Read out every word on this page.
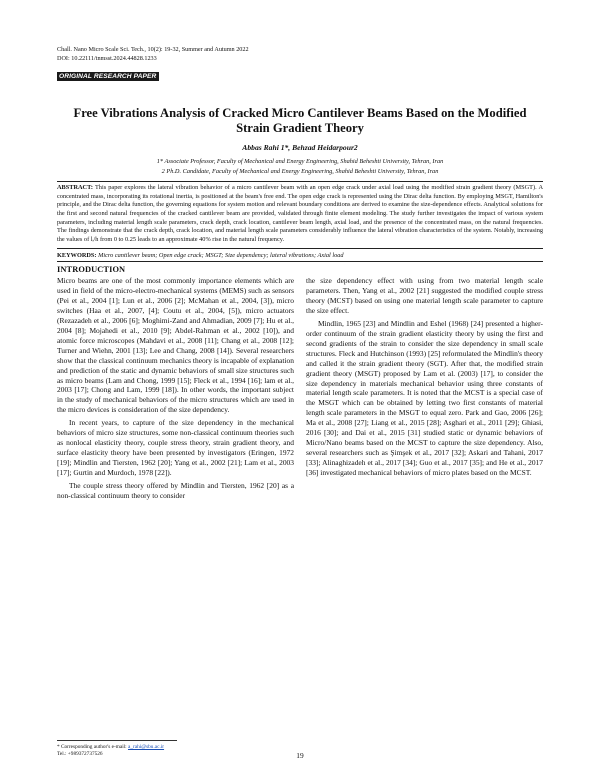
Chall. Nano Micro Scale Sci. Tech., 10(2): 19-32, Summer and Autumn 2022
DOI: 10.22111/tnmsst.2024.44828.1233
ORIGINAL RESEARCH PAPER
Free Vibrations Analysis of Cracked Micro Cantilever Beams Based on the Modified Strain Gradient Theory
Abbas Rahi 1*, Behzad Heidarpour2
1* Associate Professor, Faculty of Mechanical and Energy Engineering, Shahid Beheshti University, Tehran, Iran
2 Ph.D. Candidate, Faculty of Mechanical and Energy Engineering, Shahid Beheshti University, Tehran, Iran
ABSTRACT: This paper explores the lateral vibration behavior of a micro cantilever beam with an open edge crack under axial load using the modified strain gradient theory (MSGT). A concentrated mass, incorporating its rotational inertia, is positioned at the beam's free end. The open edge crack is represented using the Dirac delta function. By employing MSGT, Hamilton's principle, and the Dirac delta function, the governing equations for system motion and relevant boundary conditions are derived to examine the size-dependence effects. Analytical solutions for the first and second natural frequencies of the cracked cantilever beam are provided, validated through finite element modeling. The study further investigates the impact of various system parameters, including material length scale parameters, crack depth, crack location, cantilever beam length, axial load, and the presence of the concentrated mass, on the natural frequencies. The findings demonstrate that the crack depth, crack location, and material length scale parameters considerably influence the lateral vibration characteristics of the system. Notably, increasing the values of lᵢ/h from 0 to 0.25 leads to an approximate 40% rise in the natural frequency.
KEYWORDS: Micro cantilever beam; Open edge crack; MSGT; Size dependency; lateral vibrations; Axial load
INTRODUCTION

Micro beams are one of the most commonly importance elements which are used in field of the micro-electro-mechanical systems (MEMS) such as sensors (Pei et al., 2004 [1]; Lun et al., 2006 [2]; McMahan et al., 2004, [3]), micro switches (Haa et al., 2007, [4]; Coutu et al., 2004, [5]), micro actuators (Rezazadeh et al., 2006 [6]; Moghimi-Zand and Ahmadian, 2009 [7]; Hu et al., 2004 [8]; Mojahedi et al., 2010 [9]; Abdel-Rahman et al., 2002 [10]), and atomic force microscopes (Mahdavi et al., 2008 [11]; Chang et al., 2008 [12]; Turner and Wiehn, 2001 [13]; Lee and Chang, 2008 [14]). Several researchers show that the classical continuum mechanics theory is incapable of explanation and prediction of the static and dynamic behaviors of small size structures such as micro beams (Lam and Chong, 1999 [15]; Fleck et al., 1994 [16]; lam et al., 2003 [17]; Chong and Lam, 1999 [18]). In other words, the important subject in the study of mechanical behaviors of the micro structures which are used in the micro devices is consideration of the size dependency.

In recent years, to capture of the size dependency in the mechanical behaviors of micro size structures, some non-classical continuum theories such as nonlocal elasticity theory, couple stress theory, strain gradient theory, and surface elasticity theory have been presented by investigators (Eringen, 1972 [19]; Mindlin and Tiersten, 1962 [20]; Yang et al., 2002 [21]; Lam et al., 2003 [17]; Gurtin and Murdoch, 1978 [22]).

The couple stress theory offered by Mindlin and Tiersten, 1962 [20] as a non-classical continuum theory to consider

the size dependency effect with using from two material length scale parameters. Then, Yang et al., 2002 [21] suggested the modified couple stress theory (MCST) based on using one material length scale parameter to capture the size effect.

Mindlin, 1965 [23] and Mindlin and Eshel (1968) [24] presented a higher-order continuum of the strain gradient elasticity theory by using the first and second gradients of the strain to consider the size dependency in small scale structures. Fleck and Hutchinson (1993) [25] reformulated the Mindlin's theory and called it the strain gradient theory (SGT). After that, the modified strain gradient theory (MSGT) proposed by Lam et al. (2003) [17], to consider the size dependency in materials mechanical behavior using three constants of material length scale parameters. It is noted that the MCST is a special case of the MSGT which can be obtained by letting two first constants of material length scale parameters in the MSGT to equal zero. Park and Gao, 2006 [26]; Ma et al., 2008 [27]; Liang et al., 2015 [28]; Asghari et al., 2011 [29]; Ghiasi, 2016 [30]; and Dai et al., 2015 [31] studied static or dynamic behaviors of Micro/Nano beams based on the MCST to capture the size dependency. Also, several researchers such as Şimşek et al., 2017 [32]; Askari and Tahani, 2017 [33]; Alinaghizadeh et al., 2017 [34]; Guo et al., 2017 [35]; and He et al., 2017 [36] investigated mechanical behaviors of micro plates based on the MCST.

* Corresponding author's e-mail: a_rahi@sbu.ac.ir
Tel.: +989372737526	19
